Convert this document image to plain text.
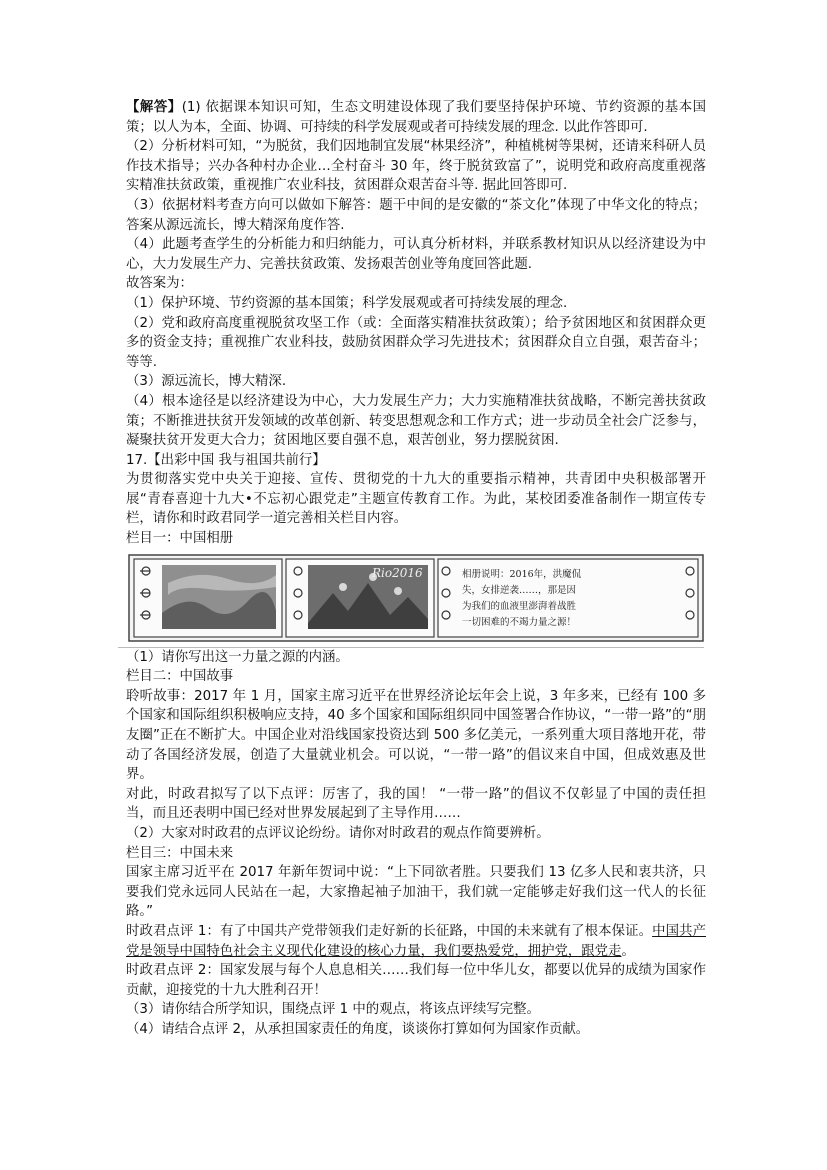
【解答】(1) 依据课本知识可知，生态文明建设体现了我们要坚持保护环境、节约资源的基本国策；以人为本，全面、协调、可持续的科学发展观或者可持续发展的理念. 以此作答即可.

（2）分析材料可知，“为脱贫，我们因地制宜发展“林果经济”，种植桃树等果树，还请来科研人员作技术指导；兴办各种村办企业…全村奋斗 30 年，终于脱贫致富了”，说明党和政府高度重视落实精准扶贫政策，重视推广农业科技，贫困群众艰苦奋斗等. 据此回答即可.

（3）依据材料考查方向可以做如下解答：题干中间的是安徽的“茶文化”体现了中华文化的特点；答案从源远流长，博大精深角度作答.

（4）此题考查学生的分析能力和归纳能力，可认真分析材料，并联系教材知识从以经济建设为中心，大力发展生产力、完善扶贫政策、发扬艰苦创业等角度回答此题.

故答案为：

（1）保护环境、节约资源的基本国策；科学发展观或者可持续发展的理念.

（2）党和政府高度重视脱贫攻坚工作（或：全面落实精准扶贫政策）；给予贫困地区和贫困群众更多的资金支持；重视推广农业科技，鼓励贫困群众学习先进技术；贫困群众自立自强，艰苦奋斗；等等.

（3）源远流长，博大精深.

（4）根本途径是以经济建设为中心，大力发展生产力；大力实施精准扶贫战略，不断完善扶贫政策；不断推进扶贫开发领域的改革创新、转变思想观念和工作方式；进一步动员全社会广泛参与，凝聚扶贫开发更大合力；贫困地区要自强不息，艰苦创业，努力摆脱贫困.

17.【出彩中国 我与祖国共前行】

为贯彻落实党中央关于迎接、宣传、贯彻党的十九大的重要指示精神，共青团中央积极部署开展“青春喜迎十九大•不忘初心跟党走”主题宣传教育工作。为此，某校团委准备制作一期宣传专栏，请你和时政君同学一道完善相关栏目内容。

栏目一：中国相册

Rio2016	相册说明：2016年，洪魔侃
失，女排逆袭……，那是因
为我们的血液里澎湃着战胜
一切困难的不竭力量之源！

（1）请你写出这一力量之源的内涵。

栏目二：中国故事

聆听故事：2017 年 1 月，国家主席习近平在世界经济论坛年会上说，3 年多来，已经有 100 多个国家和国际组织积极响应支持，40 多个国家和国际组织同中国签署合作协议，“一带一路”的“朋友圈”正在不断扩大。中国企业对沿线国家投资达到 500 多亿美元，一系列重大项目落地开花，带动了各国经济发展，创造了大量就业机会。可以说，“一带一路”的倡议来自中国，但成效惠及世界。

对此，时政君拟写了以下点评：厉害了，我的国！ “一带一路”的倡议不仅彰显了中国的责任担当，而且还表明中国已经对世界发展起到了主导作用……

（2）大家对时政君的点评议论纷纷。请你对时政君的观点作简要辨析。

栏目三：中国未来

国家主席习近平在 2017 年新年贺词中说：“上下同欲者胜。只要我们 13 亿多人民和衷共济，只要我们党永远同人民站在一起，大家撸起袖子加油干，我们就一定能够走好我们这一代人的长征路。”

时政君点评 1：有了中国共产党带领我们走好新的长征路，中国的未来就有了根本保证。中国共产党是领导中国特色社会主义现代化建设的核心力量，我们要热爱党，拥护党，跟党走。

时政君点评 2：国家发展与每个人息息相关……我们每一位中华儿女，都要以优异的成绩为国家作贡献，迎接党的十九大胜利召开！

（3）请你结合所学知识，围绕点评 1 中的观点，将该点评续写完整。

（4）请结合点评 2，从承担国家责任的角度，谈谈你打算如何为国家作贡献。
